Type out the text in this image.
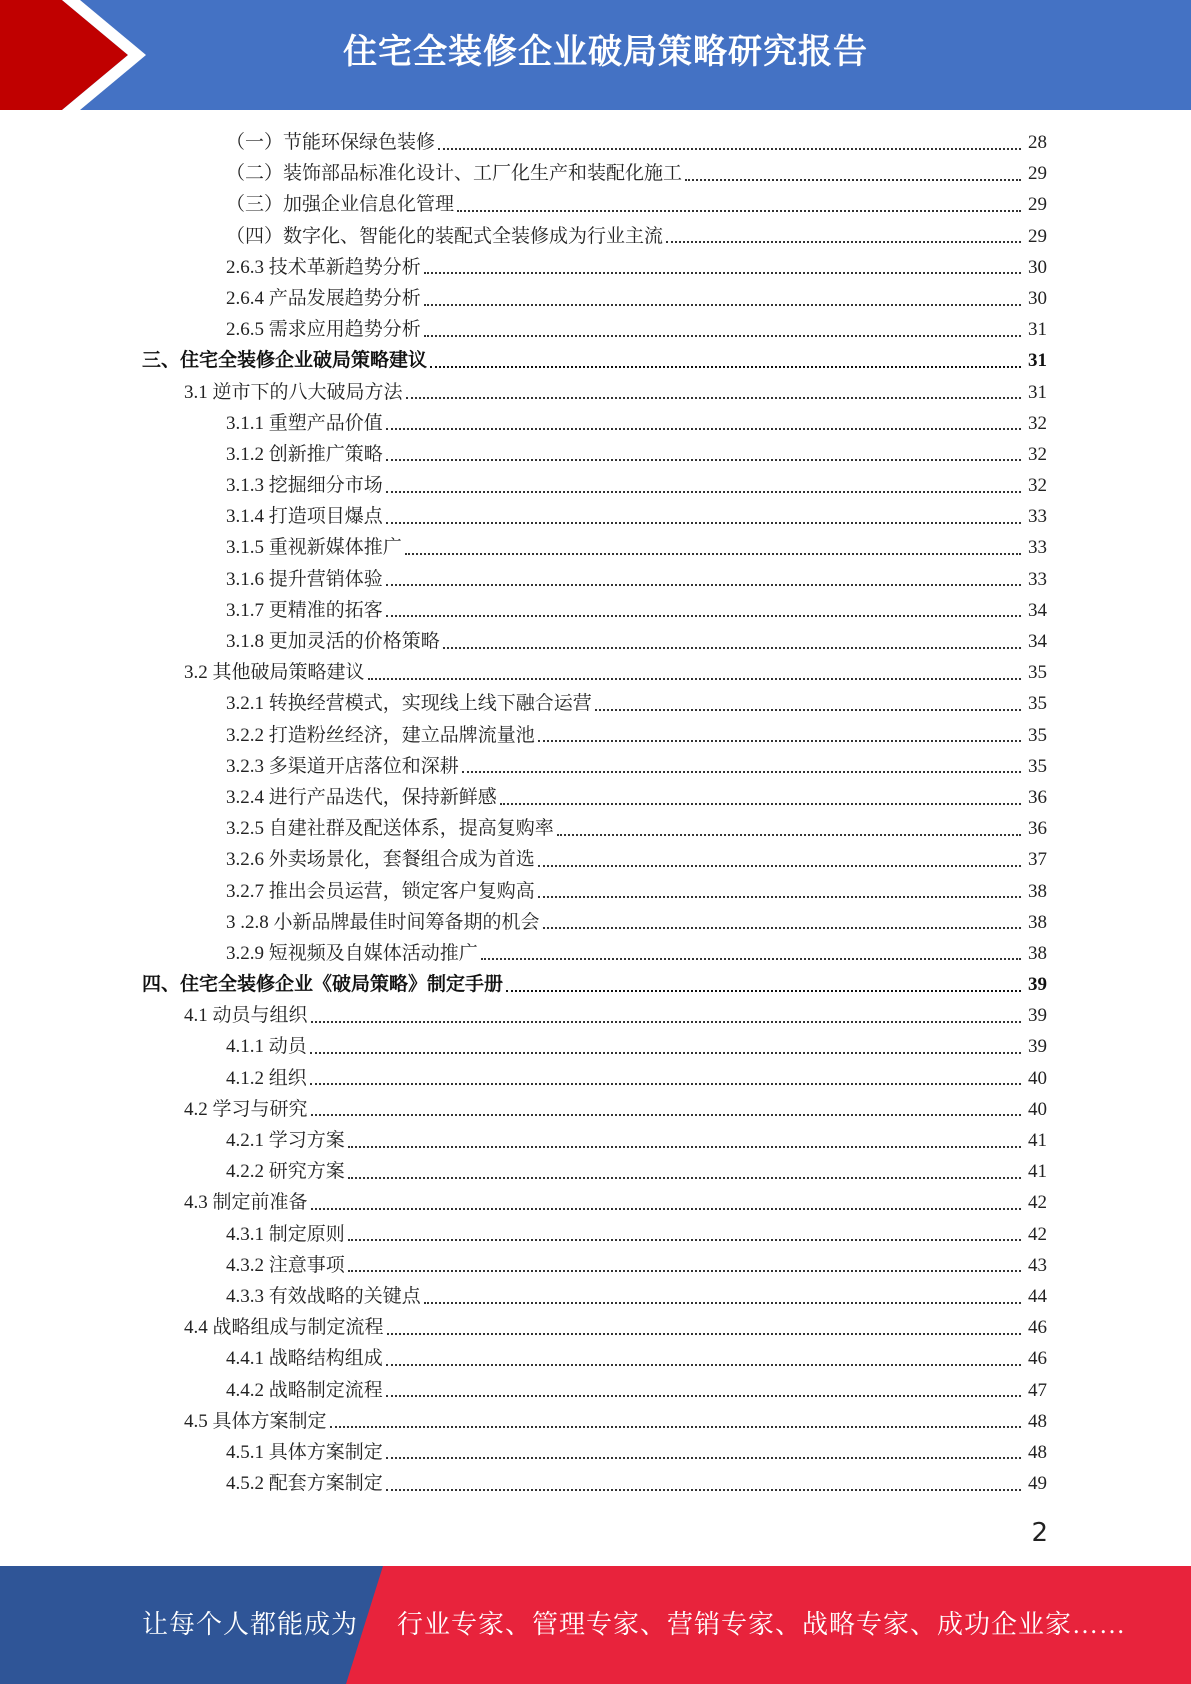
住宅全装修企业破局策略研究报告
（一）节能环保绿色装修	28
（二）装饰部品标准化设计、工厂化生产和装配化施工	29
（三）加强企业信息化管理	29
（四）数字化、智能化的装配式全装修成为行业主流	29
2.6.3 技术革新趋势分析	30
2.6.4 产品发展趋势分析	30
2.6.5 需求应用趋势分析	31
三、住宅全装修企业破局策略建议	31
3.1 逆市下的八大破局方法	31
3.1.1 重塑产品价值	32
3.1.2 创新推广策略	32
3.1.3 挖掘细分市场	32
3.1.4 打造项目爆点	33
3.1.5 重视新媒体推广	33
3.1.6 提升营销体验	33
3.1.7 更精准的拓客	34
3.1.8 更加灵活的价格策略	34
3.2 其他破局策略建议	35
3.2.1 转换经营模式，实现线上线下融合运营	35
3.2.2 打造粉丝经济，建立品牌流量池	35
3.2.3 多渠道开店落位和深耕	35
3.2.4 进行产品迭代，保持新鲜感	36
3.2.5 自建社群及配送体系，提高复购率	36
3.2.6 外卖场景化，套餐组合成为首选	37
3.2.7 推出会员运营，锁定客户复购高	38
3 .2.8 小新品牌最佳时间筹备期的机会	38
3.2.9 短视频及自媒体活动推广	38
四、住宅全装修企业《破局策略》制定手册	39
4.1 动员与组织	39
4.1.1 动员	39
4.1.2 组织	40
4.2 学习与研究	40
4.2.1 学习方案	41
4.2.2 研究方案	41
4.3 制定前准备	42
4.3.1 制定原则	42
4.3.2 注意事项	43
4.3.3 有效战略的关键点	44
4.4 战略组成与制定流程	46
4.4.1 战略结构组成	46
4.4.2 战略制定流程	47
4.5 具体方案制定	48
4.5.1 具体方案制定	48
4.5.2 配套方案制定	49
2
让每个人都能成为 行业专家、管理专家、营销专家、战略专家、成功企业家……
